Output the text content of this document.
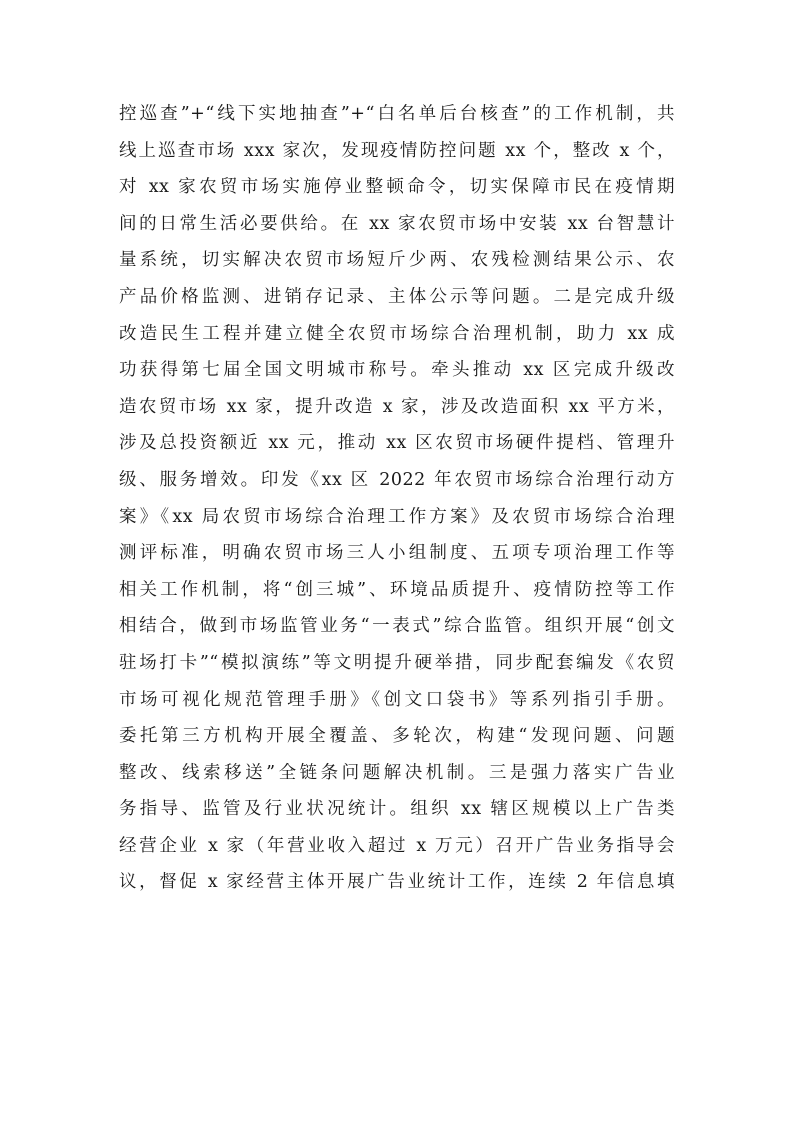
控巡查”+“线下实地抽查”+“白名单后台核查”的工作机制，共
线上巡查市场 xxx 家次，发现疫情防控问题 xx 个，整改 x 个，
对 xx 家农贸市场实施停业整顿命令，切实保障市民在疫情期
间的日常生活必要供给。在 xx 家农贸市场中安装 xx 台智慧计
量系统，切实解决农贸市场短斤少两、农残检测结果公示、农
产品价格监测、进销存记录、主体公示等问题。二是完成升级
改造民生工程并建立健全农贸市场综合治理机制，助力 xx 成
功获得第七届全国文明城市称号。牵头推动 xx 区完成升级改
造农贸市场 xx 家，提升改造 x 家，涉及改造面积 xx 平方米，
涉及总投资额近 xx 元，推动 xx 区农贸市场硬件提档、管理升
级、服务增效。印发《xx 区 2022 年农贸市场综合治理行动方
案》《xx 局农贸市场综合治理工作方案》及农贸市场综合治理
测评标准，明确农贸市场三人小组制度、五项专项治理工作等
相关工作机制，将“创三城”、环境品质提升、疫情防控等工作
相结合，做到市场监管业务“一表式”综合监管。组织开展“创文
驻场打卡”“模拟演练”等文明提升硬举措，同步配套编发《农贸
市场可视化规范管理手册》《创文口袋书》等系列指引手册。
委托第三方机构开展全覆盖、多轮次，构建“发现问题、问题
整改、线索移送”全链条问题解决机制。三是强力落实广告业
务指导、监管及行业状况统计。组织 xx 辖区规模以上广告类
经营企业 x 家（年营业收入超过 x 万元）召开广告业务指导会
议，督促 x 家经营主体开展广告业统计工作，连续 2 年信息填
